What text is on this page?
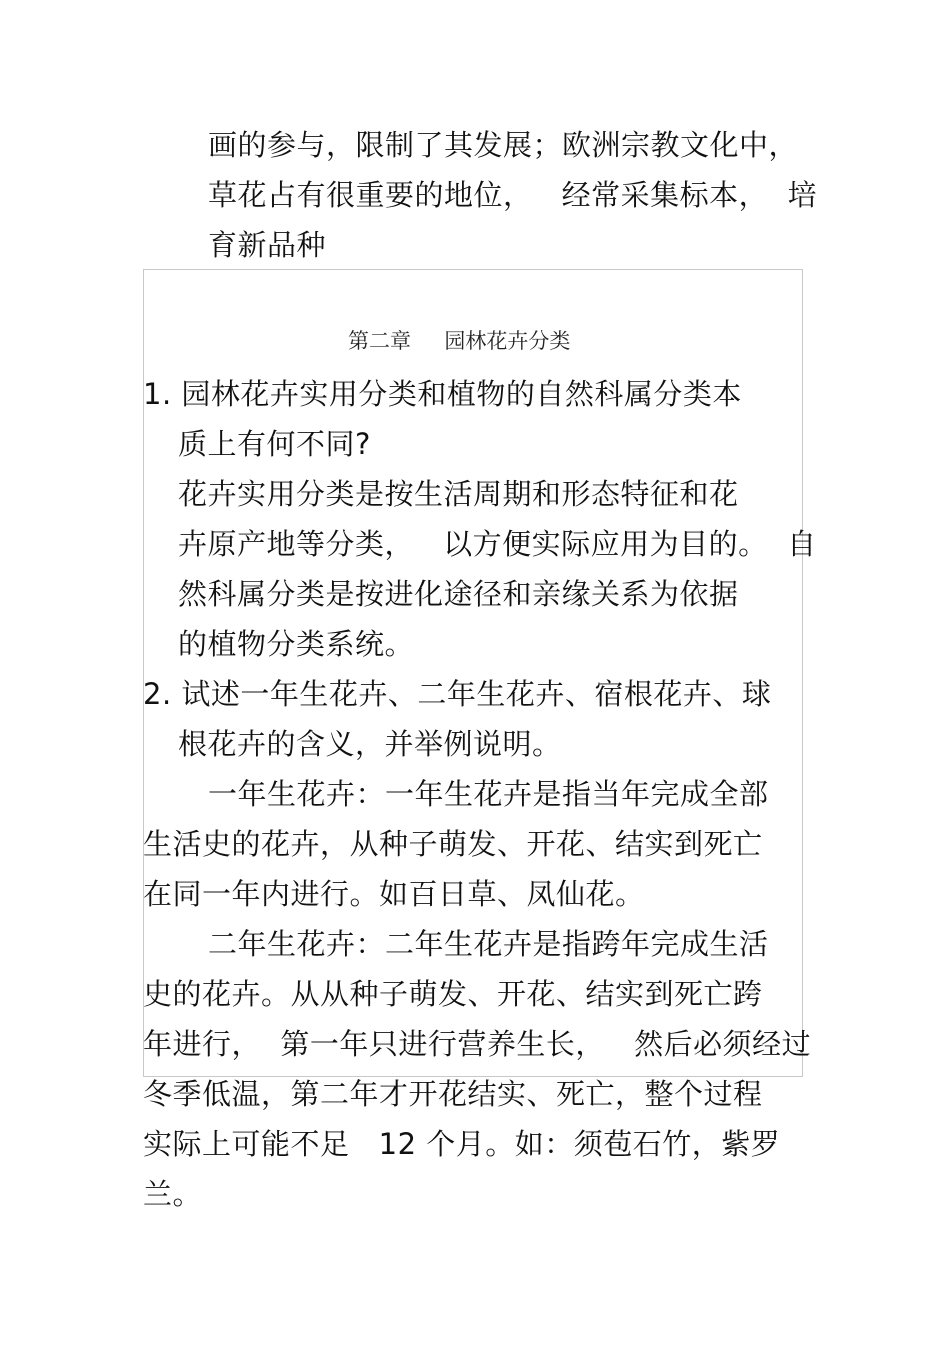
画的参与，限制了其发展；欧洲宗教文化中，
草花占有很重要的地位，   经常采集标本，  培
育新品种
第二章     园林花卉分类
1. 园林花卉实用分类和植物的自然科属分类本
质上有何不同?
花卉实用分类是按生活周期和形态特征和花
卉原产地等分类，   以方便实际应用为目的。  自
然科属分类是按进化途径和亲缘关系为依据
的植物分类系统。
2. 试述一年生花卉、二年生花卉、宿根花卉、球
根花卉的含义，并举例说明。
一年生花卉：一年生花卉是指当年完成全部
生活史的花卉，从种子萌发、开花、结实到死亡
在同一年内进行。如百日草、凤仙花。
二年生花卉：二年生花卉是指跨年完成生活
史的花卉。从从种子萌发、开花、结实到死亡跨
年进行，  第一年只进行营养生长，   然后必须经过
冬季低温，第二年才开花结实、死亡，整个过程
实际上可能不足   12 个月。如：须苞石竹，紫罗
兰。
